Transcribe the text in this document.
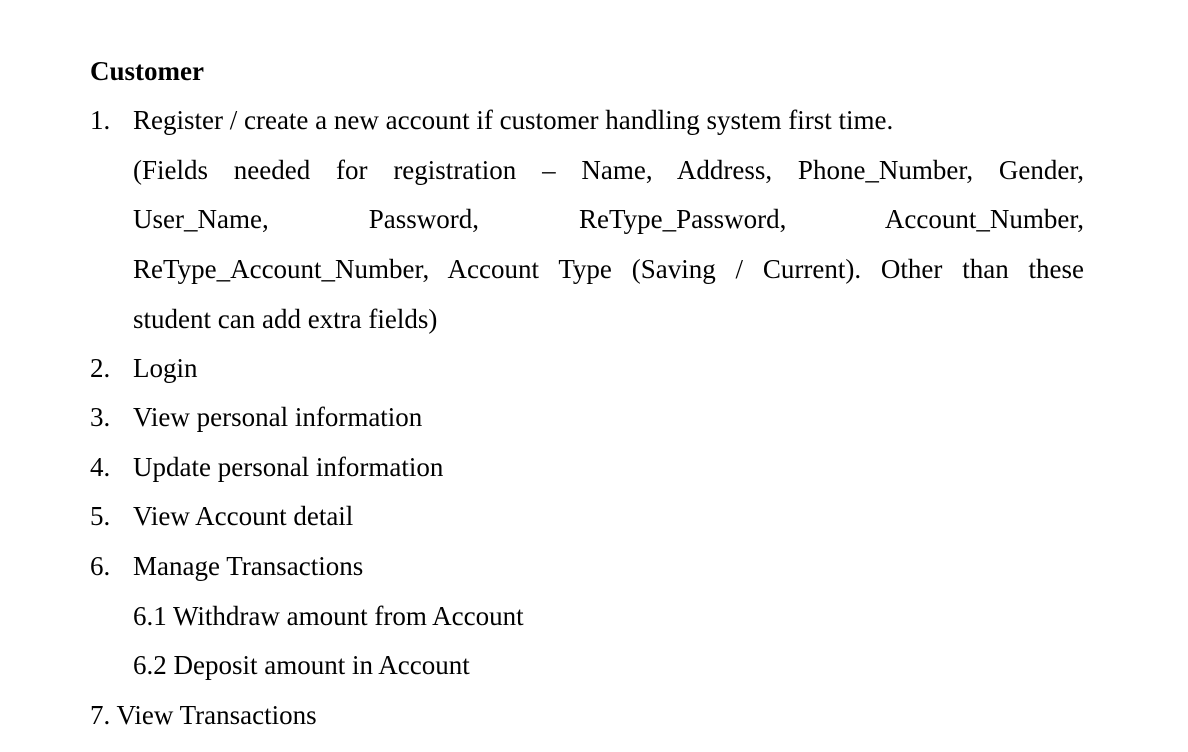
Customer
1. Register / create a new account if customer handling system first time.
(Fields needed for registration – Name, Address, Phone_Number, Gender,
User_Name, Password, ReType_Password, Account_Number,
ReType_Account_Number, Account Type (Saving / Current). Other than these
student can add extra fields)
2. Login
3. View personal information
4. Update personal information
5. View Account detail
6. Manage Transactions
6.1 Withdraw amount from Account
6.2 Deposit amount in Account
7. View Transactions
